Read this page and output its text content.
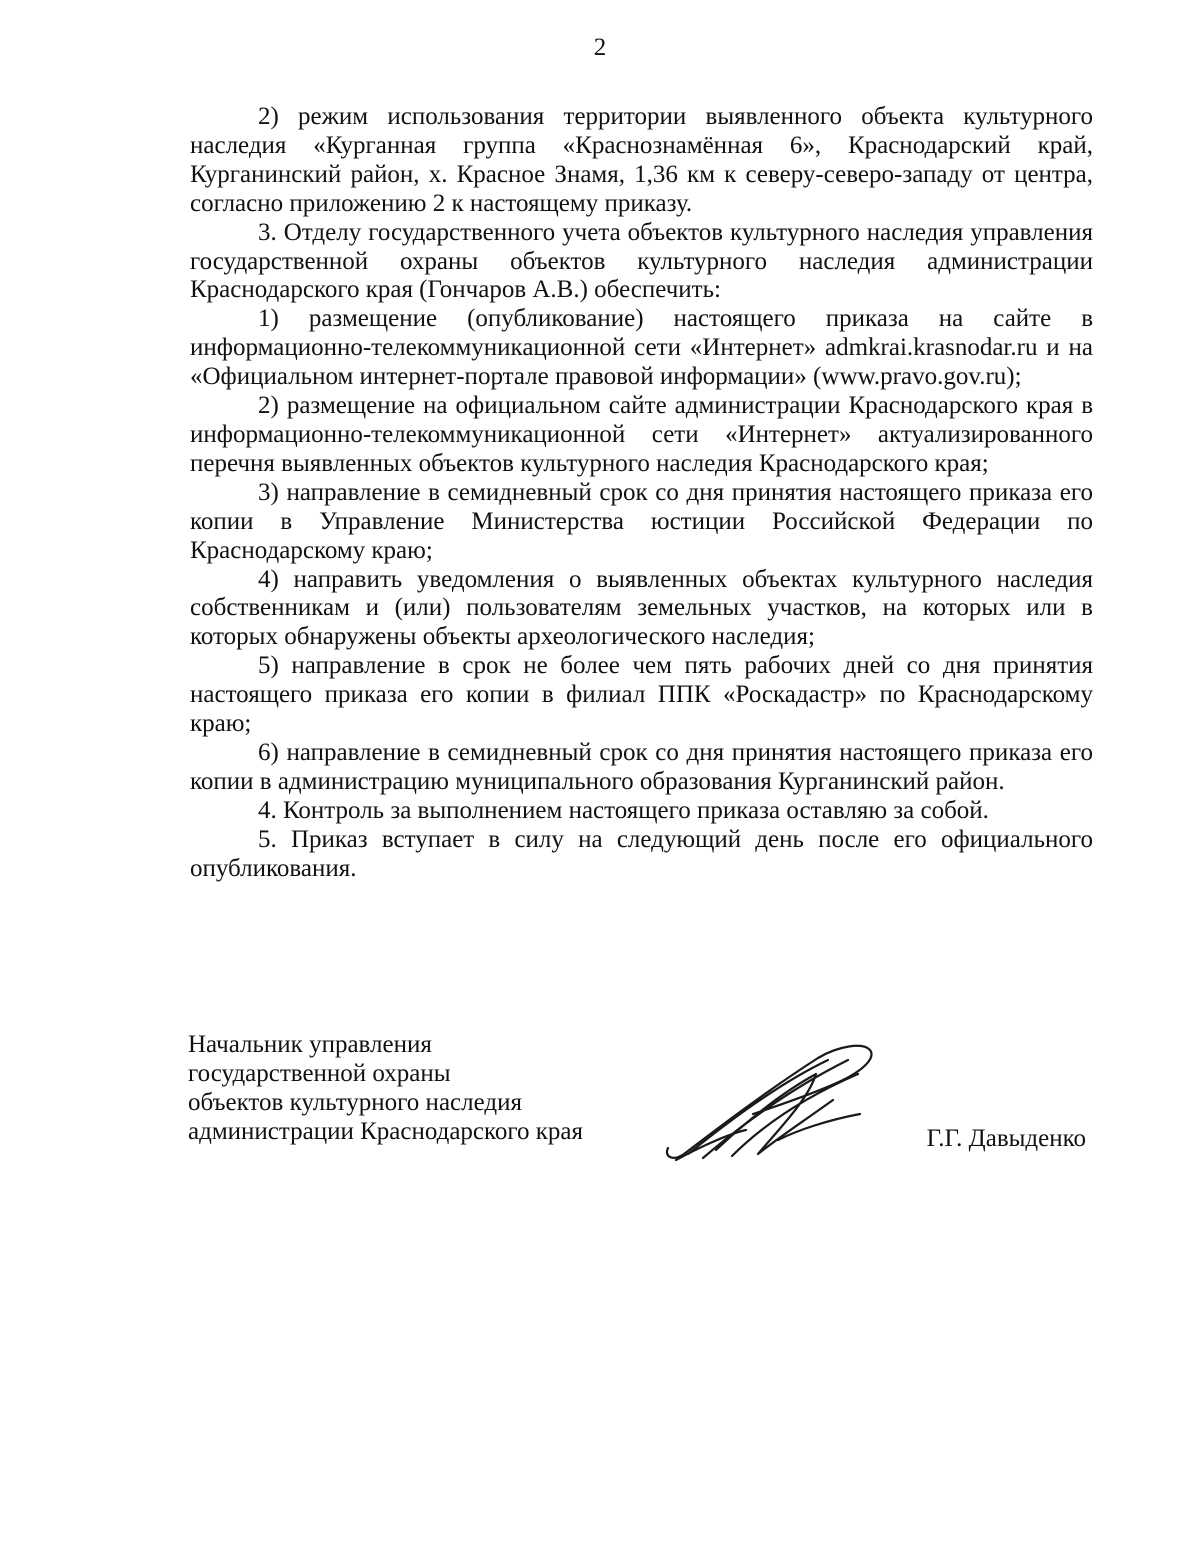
2

2) режим использования территории выявленного объекта культурного наследия «Курганная группа «Краснознамённая 6», Краснодарский край, Курганинский район, х. Красное Знамя, 1,36 км к северу-северо-западу от центра, согласно приложению 2 к настоящему приказу.

3. Отделу государственного учета объектов культурного наследия управления государственной охраны объектов культурного наследия администрации Краснодарского края (Гончаров А.В.) обеспечить:

1) размещение (опубликование) настоящего приказа на сайте в информационно-телекоммуникационной сети «Интернет» admkrai.krasnodar.ru и на «Официальном интернет-портале правовой информации» (www.pravo.gov.ru);

2) размещение на официальном сайте администрации Краснодарского края в информационно-телекоммуникационной сети «Интернет» актуализированного перечня выявленных объектов культурного наследия Краснодарского края;

3) направление в семидневный срок со дня принятия настоящего приказа его копии в Управление Министерства юстиции Российской Федерации по Краснодарскому краю;

4) направить уведомления о выявленных объектах культурного наследия собственникам и (или) пользователям земельных участков, на которых или в которых обнаружены объекты археологического наследия;

5) направление в срок не более чем пять рабочих дней со дня принятия настоящего приказа его копии в филиал ППК «Роскадастр» по Краснодарскому краю;

6) направление в семидневный срок со дня принятия настоящего приказа его копии в администрацию муниципального образования Курганинский район.

4. Контроль за выполнением настоящего приказа оставляю за собой.

5. Приказ вступает в силу на следующий день после его официального опубликования.

Начальник управления
государственной охраны
объектов культурного наследия
администрации Краснодарского края	Г.Г. Давыденко
